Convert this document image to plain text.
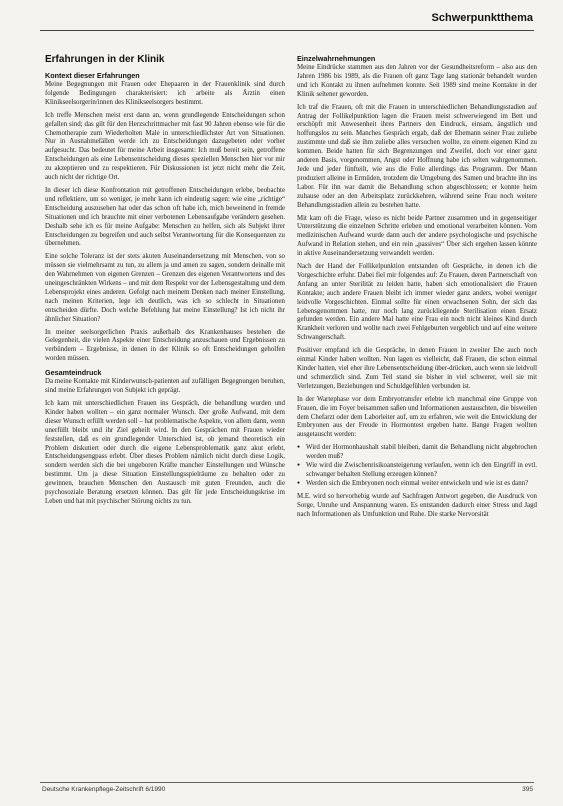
Schwerpunktthema
Erfahrungen in der Klinik
Kontext dieser Erfahrungen

Meine Begegnungen mit Frauen oder Ehepaaren in der Frauenklinik sind durch folgende Bedingungen charakterisiert: ich arbeite als Ärztin einen Klinikseelsorgerin/innen des Klinikseelsorgers bestimmt.

Ich treffe Menschen meist erst dann an, wenn grundlegende Entscheidungen schon gefallen sind; das gilt für den Herzschrittmacher mit fast 90 Jahren ebenso wie für die Chemotherapie zum Wiederholten Male in unterschiedlichster Art von Situationen. Nur in Ausnahmefällen werde ich zu Entscheidungen dazugebeten oder vorher aufgesucht. Das bedeutet für meine Arbeit insgesamt: Ich muß bereit sein, getroffene Entscheidungen als eine Lebensentscheidung dieses speziellen Menschen hier vor mir zu akzeptieren und zu respektieren. Für Diskussionen ist jetzt nicht mehr die Zeit, auch nicht der richtige Ort.

In dieser ich diese Konfrontation mit getroffenen Entscheidungen erlebe, beobachte und reflektiere, um so weniger, je mehr kann ich eindeutig sagen: wie eine „richtige“ Entscheidung auszusehen hat oder das schon oft habe ich, mich beweinend in fremde Situationen und ich brauchte mit einer verbotenen Lebensaufgabe verändern gesehen. Deshalb sehe ich es für meine Aufgabe: Menschen zu helfen, sich als Subjekt ihrer Entscheidungen zu begreifen und auch selbst Verantwortung für die Konsequenzen zu übernehmen.

Eine solche Toleranz ist der stets akuten Auseinandersetzung mit Menschen, von so müssen sie vielmehrsamt zu tun, zu allem ja und amen zu sagen, sondern deinalle mit den Wahrnehmen von eigenen Grenzen – Grenzen des eigenen Verantwortens und des uneingeschränkten Wirkens – und mit dem Respekt vor der Lebensgestaltung und dem Lebensprojekt eines anderen. Gefolgt nach meinem Denken nach meiner Einstellung, nach meinen Kriterien, lege ich deutlich, was ich so schlecht in Situationen entscheiden dürfte. Doch welche Befehlung hat meine Einstellung? Ist ich nicht ihr ähnlicher Situation?

In meiner seelsorgerlichen Praxis außerhalb des Krankenhauses bestehen die Gelegenheit, die vielen Aspekte einer Entscheidung anzuschauen und Ergebnissen zu verbündern – Ergebnisse, in denen in der Klinik so oft Entscheidungen geholfen worden müssen.

Gesamteindruck

Da meine Kontakte mit Kinderwunsch-patienten auf zufälligen Begegnungen beruhen, sind meine Erfahrungen von Subjekt ich geprägt.

Ich kam mit unterschiedlichen Frauen ins Gespräch, die behandlung wurden und Kinder haben wollten – ein ganz normaler Wunsch. Der große Aufwand, mit dem dieser Wunsch erfüllt werden soll – hat problematische Aspekte, von allem dann, wenn unerfüllt bleibt und ihr Ziel geheilt wird. In den Gesprächen mit Frauen wieder feststellen, daß es ein grundlegender Unterschied ist, ob jemand theoretisch ein Problem diskutiert oder durch die eigene Lebensproblematik ganz akut erlebt, Entscheidungsengpass erlebt. Über dieses Problem nämlich nicht durch diese Logik, sondern werden sich die bei ungeboren Kräfte mancher Einstellungen und Wünsche bestimmt. Um ja diese Situation Einstellungsspielräume zu behalten oder zu gewinnen, brauchen Menschen den Austausch mit guten Freunden, auch die psychosoziale Beratung ersetzen können. Das gilt für jede Entscheidungskrise im Leben und hat mit psychischer Störung nichts zu tun.

Einzelwahrnehmungen

Meine Eindrücke stammen aus den Jahren vor der Gesundheitsreform – also aus den Jahren 1986 bis 1989, als die Frauen oft ganz Tage lang stationär behandelt wurden und ich Kontakt zu ihnen aufnehmen konnte. Seit 1989 sind meine Kontakte in der Klinik seltener geworden.

Ich traf die Frauen, oft mit die Frauen in unterschiedlichen Behandlungsstadien auf Antrag der Follikelpunktion lagen die Frauen meist schwerwiegend im Bett und erschöpft mit Anwesenheit ihres Partners den Eindruck, einsam, ängstlich und hoffungslos zu sein. Manches Gespräch ergab, daß der Ehemann seiner Frau zuliebe zustimmte und daß sie ihm zuliebe alles versuchen wollte, zu einem eigenen Kind zu kommen. Beide hatten für sich Begrenzungen und Zweifel, doch vor einer ganz anderen Basis, vorgenommen, Angst oder Hoffnung habe ich selten wahrgenommen. Jede und jeder fünfteilt, wie aus die Folie allerdings das Programm. Der Mann produziert alleine in Ermüden, trotzdem die Umgebung des Samen und brachte ihn ins Labor. Für ihn war damit die Behandlung schon abgeschlossen; er konnte heim zuhause oder an den Arbeitsplatz zurückkehren, während seine Frau noch weitere Behandlungsstadien allein zu bestehen hatte.

Mit kam oft die Frage, wieso es nicht beide Partner zusammen und in gegenseitiger Unterstützung die einzelnen Schritte erleben und emotional verarbeiten können. Vom medizinischen Aufwand wurde dann auch der andere psychologische und psychische Aufwand in Relation stehen, und ein rein „passives“ Über sich ergehen lassen könnte in aktive Auseinandersetzung verwandelt werden.

Nach der Hand der Follikelpunktion entstanden oft Gespräche, in denen ich die Vorgeschichte erfuhr. Dabei fiel mir folgendes auf: Zu Frauen, deren Partnerschaft von Anfang an unter Sterilität zu leiden hatte, haben sich emotionalisiert die Frauen Kontakte; auch andere Frauen bleibt ich immer wieder ganz anders, wobei weniger leidvolle Vorgeschichten. Einmal sollte für einen erwachsenen Sohn, der sich das Lebensgenommen hatte, nur noch lang zurückliegende Sterilisation einen Ersatz gefunden werden. Ein andere Mal hatte eine Frau ein noch nicht kleines Kind durch Krankheit verloren und wollte nach zwei Fehlgeburten vergeblich und auf eine weitere Schwangerschaft.

Positiver empfand ich die Gespräche, in denen Frauen in zweiter Ehe auch noch einmal Kinder haben wollten. Nun lagen es vielleicht, daß Frauen, die schon einmal Kinder hatten, viel eher ihre Lebensentscheidung über-drücken, auch wenn sie leidvoll und schmerzlich sind. Zum Teil stand sie bisher in viel schwerer, weil sie mit Verletzungen, Beziehungen und Schuldgefühlen verbunden ist.

In der Wartephase vor dem Embryotransfer erlebte ich manchmal eine Gruppe von Frauen, die im Foyer beisammen saßen und Informationen austauschten, die bisweilen dem Chefarzt oder dem Laborleiter auf, um zu erfahren, wie weit die Entwicklung der Embryonen aus der Freude in Hormontest ergeben hatte. Bange Fragen wollten ausgetauscht werden:

● Wird der Hormonhaushalt stabil bleiben, damit die Behandlung nicht abgebrochen werden muß?
● Wie wird die Zwischenrisikoansteigerung verlaufen, wenn ich den Eingriff in evtl. schwanger behalten Stellung erzeugen können?
● Werden sich die Embryonen noch einmal weiter entwickeln und wie ist es dann?

M.E. wird so hervorhebig wurde auf Sachfragen Antwort gegeben, die Ausdruck von Sorge, Unruhe und Anspannung waren. Es entstanden dadurch einer Stress und Jagd nach Informationen als Umfunktion und Ruhe. Die starke Nervorsität

Deutsche Krankenpflege-Zeitschrift 6/1990	395
